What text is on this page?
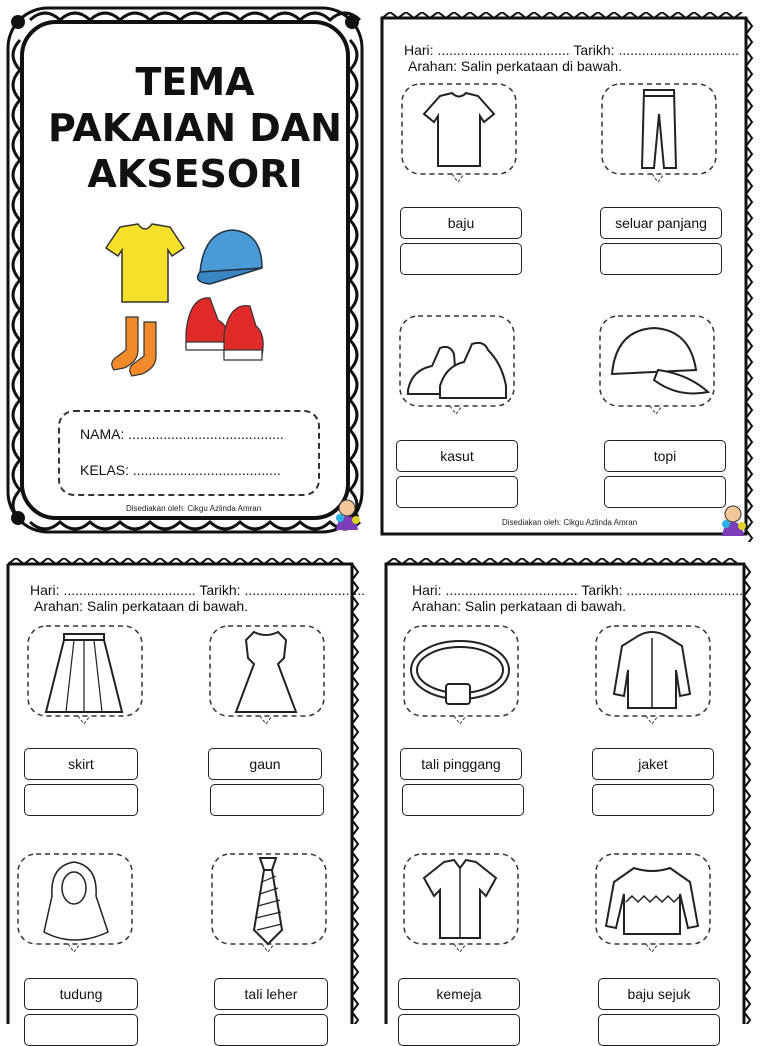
TEMA
PAKAIAN DAN
AKSESORI
NAMA: ........................................
KELAS: ......................................
Disediakan oleh: Cikgu Azlinda Amran
Hari: .................................. Tarikh: ...............................
Arahan: Salin perkataan di bawah.
baju	seluar panjang
kasut	topi
Disediakan oleh: Cikgu Azlinda Amran
Hari: .................................. Tarikh: ...............................
Arahan: Salin perkataan di bawah.
skirt	gaun
tudung	tali leher
Hari: .................................. Tarikh: ...............................
Arahan: Salin perkataan di bawah.
tali pinggang	jaket
kemeja	baju sejuk
